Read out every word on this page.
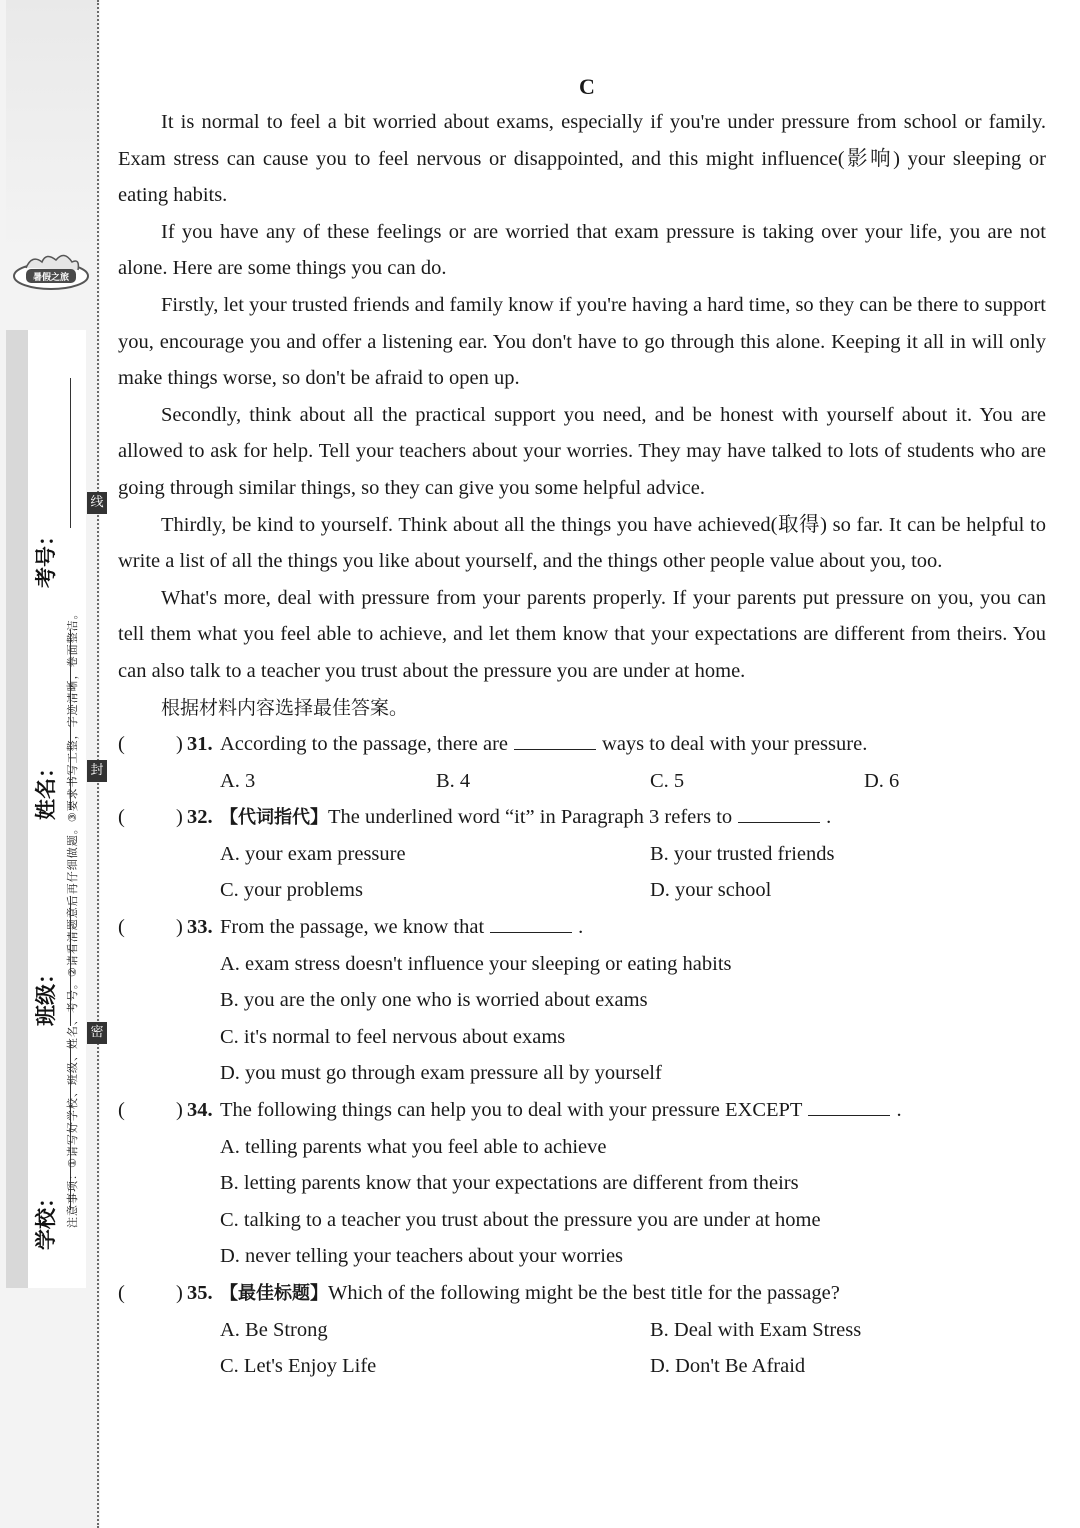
暑假之旅
考号：
姓名：
班级：
学校：
线
封
密
C

It is normal to feel a bit worried about exams, especially if you're under pressure from school or family. Exam stress can cause you to feel nervous or disappointed, and this might influence(影响) your sleeping or eating habits.

If you have any of these feelings or are worried that exam pressure is taking over your life, you are not alone. Here are some things you can do.

Firstly, let your trusted friends and family know if you're having a hard time, so they can be there to support you, encourage you and offer a listening ear. You don't have to go through this alone. Keeping it all in will only make things worse, so don't be afraid to open up.

Secondly, think about all the practical support you need, and be honest with yourself about it. You are allowed to ask for help. Tell your teachers about your worries. They may have talked to lots of students who are going through similar things, so they can give you some helpful advice.

Thirdly, be kind to yourself. Think about all the things you have achieved(取得) so far. It can be helpful to write a list of all the things you like about yourself, and the things other people value about you, too.

What's more, deal with pressure from your parents properly. If your parents put pressure on you, you can tell them what you feel able to achieve, and let them know that your expectations are different from theirs. You can also talk to a teacher you trust about the pressure you are under at home.

根据材料内容选择最佳答案。
( ) 31. According to the passage, there are	ways to deal with your pressure.
A. 3	B. 4	C. 5	D. 6
( ) 32. 【代词指代】The underlined word “it” in Paragraph 3 refers to	.
A. your exam pressure	B. your trusted friends
C. your problems	D. your school
( ) 33. From the passage, we know that	.
A. exam stress doesn't influence your sleeping or eating habits
B. you are the only one who is worried about exams
C. it's normal to feel nervous about exams
D. you must go through exam pressure all by yourself
( ) 34. The following things can help you to deal with your pressure EXCEPT	.
A. telling parents what you feel able to achieve
B. letting parents know that your expectations are different from theirs
C. talking to a teacher you trust about the pressure you are under at home
D. never telling your teachers about your worries
( ) 35. 【最佳标题】Which of the following might be the best title for the passage?
A. Be Strong	B. Deal with Exam Stress
C. Let's Enjoy Life	D. Don't Be Afraid
